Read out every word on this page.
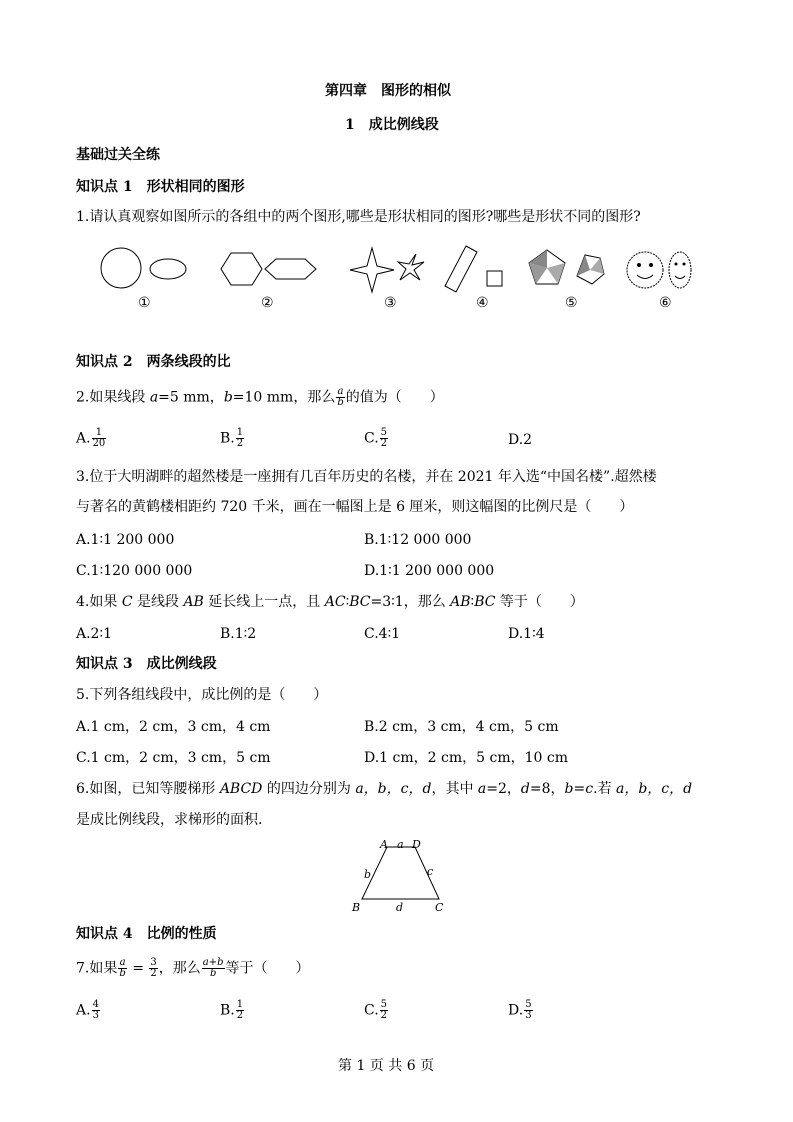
第四章　图形的相似
1　成比例线段
基础过关全练
知识点 1　形状相同的图形
1.请认真观察如图所示的各组中的两个图形,哪些是形状相同的图形?哪些是形状不同的图形?
①	②	③	④	⑤	⑥
知识点 2　两条线段的比
2.如果线段 a=5 mm，b=10 mm，那么 $\frac{a}{b}$ 的值为（　　）
A. $\frac{1}{20}$	B. $\frac{1}{2}$	C. $\frac{5}{2}$	D.2
3.位于大明湖畔的超然楼是一座拥有几百年历史的名楼，并在 2021 年入选“中国名楼”.超然楼
与著名的黄鹤楼相距约 720 千米，画在一幅图上是 6 厘米，则这幅图的比例尺是（　　）
A.1∶1 200 000	B.1∶12 000 000
C.1∶120 000 000	D.1∶1 200 000 000
4.如果 C 是线段 AB 延长线上一点，且 AC∶BC=3∶1，那么 AB∶BC 等于（　　）
A.2∶1	B.1∶2	C.4∶1	D.1∶4
知识点 3　成比例线段
5.下列各组线段中，成比例的是（　　）
A.1 cm，2 cm，3 cm，4 cm	B.2 cm，3 cm，4 cm，5 cm
C.1 cm，2 cm，3 cm，5 cm	D.1 cm，2 cm，5 cm，10 cm
6.如图，已知等腰梯形 ABCD 的四边分别为 a，b，c，d，其中 a=2，d=8，b=c.若 a，b，c，d
是成比例线段，求梯形的面积.
A D
B	C
a
b	c
d
知识点 4　比例的性质
7.如果 $\frac{a}{b} = \frac{3}{2}$ ，那么 $\frac{a+b}{b}$ 等于（　　）
A. $\frac{4}{3}$	B. $\frac{1}{2}$	C. $\frac{5}{2}$	D. $\frac{5}{3}$
第 1 页 共 6 页
